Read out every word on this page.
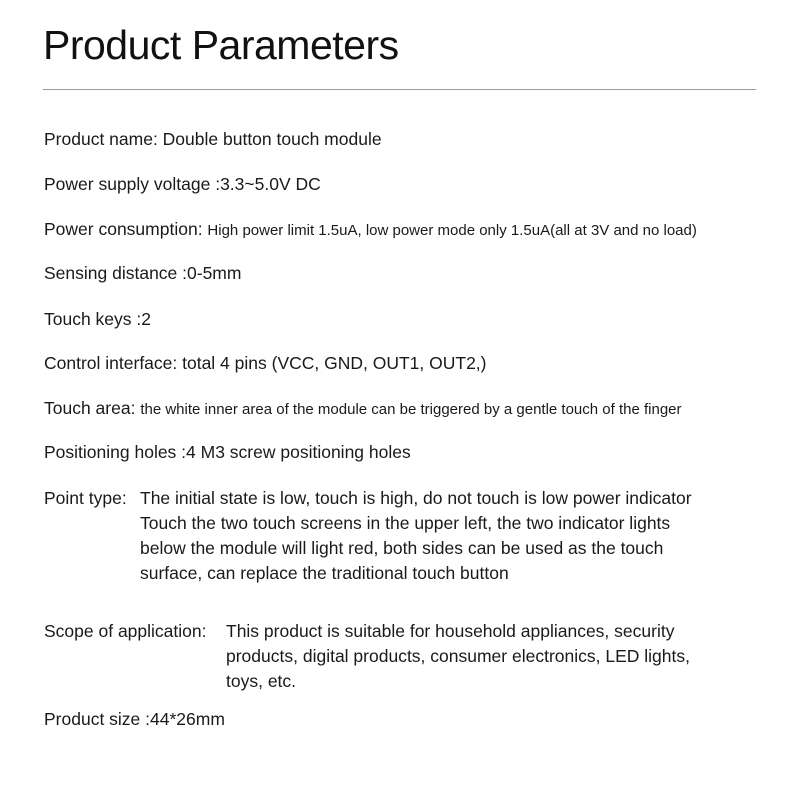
Product Parameters
Product name: Double button touch module
Power supply voltage :3.3~5.0V DC
Power consumption: High power limit 1.5uA, low power mode only 1.5uA(all at 3V and no load)
Sensing distance :0-5mm
Touch keys :2
Control interface: total 4 pins (VCC, GND, OUT1, OUT2,)
Touch area: the white inner area of the module can be triggered by a gentle touch of the finger
Positioning holes :4 M3 screw positioning holes
Point type: The initial state is low, touch is high, do not touch is low power indicator
Touch the two touch screens in the upper left, the two indicator lights
below the module will light red, both sides can be used as the touch
surface, can replace the traditional touch button
Scope of application: This product is suitable for household appliances, security
products, digital products, consumer electronics, LED lights,
toys, etc.
Product size :44*26mm
